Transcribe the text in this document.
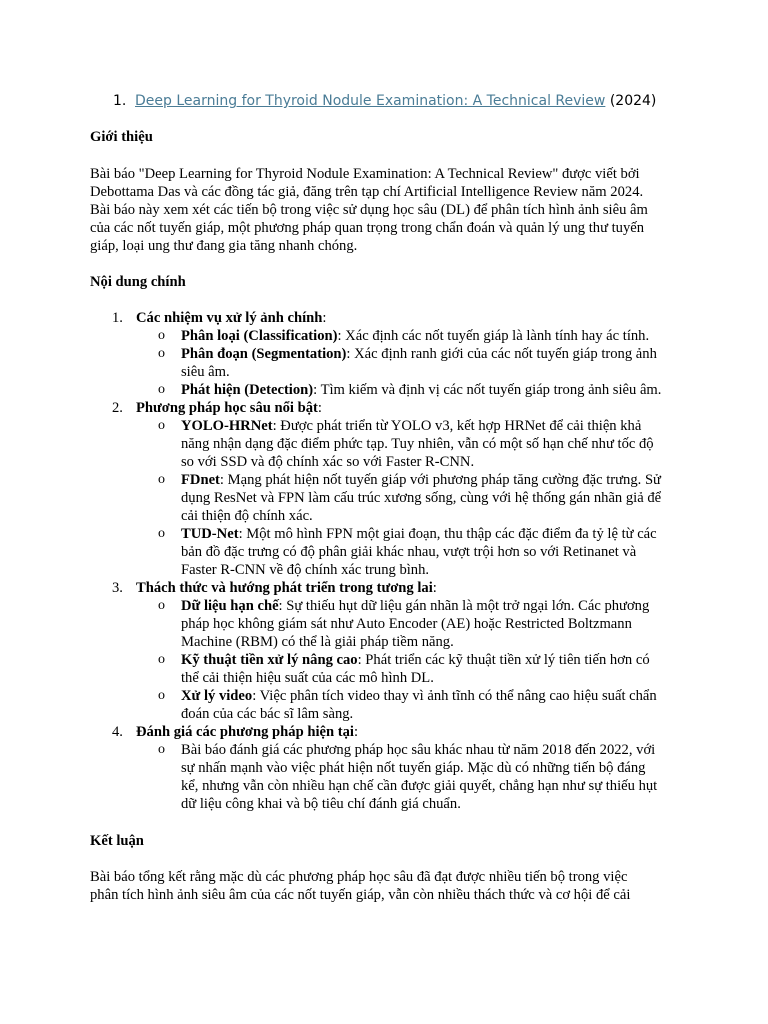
1. Deep Learning for Thyroid Nodule Examination: A Technical Review (2024)
Giới thiệu
Bài báo "Deep Learning for Thyroid Nodule Examination: A Technical Review" được viết bởi
Debottama Das và các đồng tác giả, đăng trên tạp chí Artificial Intelligence Review năm 2024.
Bài báo này xem xét các tiến bộ trong việc sử dụng học sâu (DL) để phân tích hình ảnh siêu âm
của các nốt tuyến giáp, một phương pháp quan trọng trong chẩn đoán và quản lý ung thư tuyến
giáp, loại ung thư đang gia tăng nhanh chóng.
Nội dung chính
1. Các nhiệm vụ xử lý ảnh chính:
o Phân loại (Classification): Xác định các nốt tuyến giáp là lành tính hay ác tính.
o Phân đoạn (Segmentation): Xác định ranh giới của các nốt tuyến giáp trong ảnh
siêu âm.
o Phát hiện (Detection): Tìm kiếm và định vị các nốt tuyến giáp trong ảnh siêu âm.
2. Phương pháp học sâu nổi bật:
o YOLO-HRNet: Được phát triển từ YOLO v3, kết hợp HRNet để cải thiện khả
năng nhận dạng đặc điểm phức tạp. Tuy nhiên, vẫn có một số hạn chế như tốc độ
so với SSD và độ chính xác so với Faster R-CNN.
o FDnet: Mạng phát hiện nốt tuyến giáp với phương pháp tăng cường đặc trưng. Sử
dụng ResNet và FPN làm cấu trúc xương sống, cùng với hệ thống gán nhãn giả để
cải thiện độ chính xác.
o TUD-Net: Một mô hình FPN một giai đoạn, thu thập các đặc điểm đa tỷ lệ từ các
bản đồ đặc trưng có độ phân giải khác nhau, vượt trội hơn so với Retinanet và
Faster R-CNN về độ chính xác trung bình.
3. Thách thức và hướng phát triển trong tương lai:
o Dữ liệu hạn chế: Sự thiếu hụt dữ liệu gán nhãn là một trở ngại lớn. Các phương
pháp học không giám sát như Auto Encoder (AE) hoặc Restricted Boltzmann
Machine (RBM) có thể là giải pháp tiềm năng.
o Kỹ thuật tiền xử lý nâng cao: Phát triển các kỹ thuật tiền xử lý tiên tiến hơn có
thể cải thiện hiệu suất của các mô hình DL.
o Xử lý video: Việc phân tích video thay vì ảnh tĩnh có thể nâng cao hiệu suất chẩn
đoán của các bác sĩ lâm sàng.
4. Đánh giá các phương pháp hiện tại:
o Bài báo đánh giá các phương pháp học sâu khác nhau từ năm 2018 đến 2022, với
sự nhấn mạnh vào việc phát hiện nốt tuyến giáp. Mặc dù có những tiến bộ đáng
kể, nhưng vẫn còn nhiều hạn chế cần được giải quyết, chẳng hạn như sự thiếu hụt
dữ liệu công khai và bộ tiêu chí đánh giá chuẩn.
Kết luận
Bài báo tổng kết rằng mặc dù các phương pháp học sâu đã đạt được nhiều tiến bộ trong việc
phân tích hình ảnh siêu âm của các nốt tuyến giáp, vẫn còn nhiều thách thức và cơ hội để cải
